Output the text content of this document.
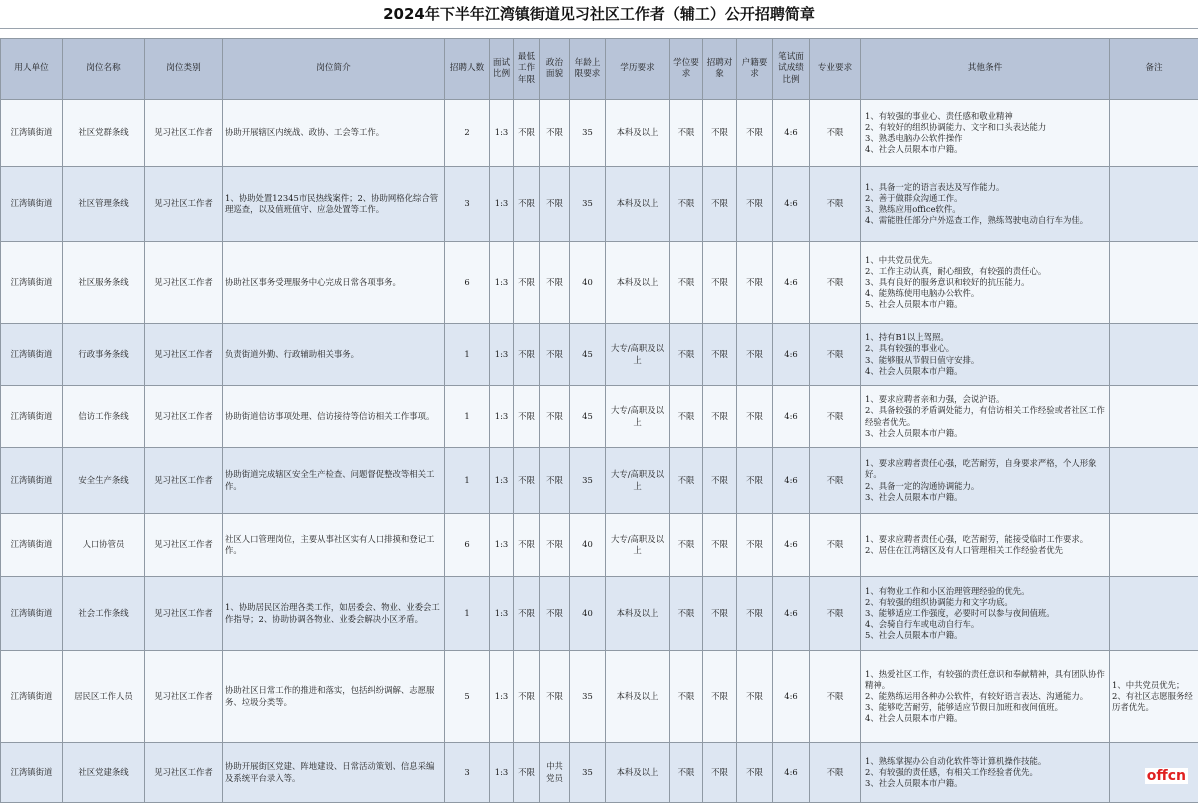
2024年下半年江湾镇街道见习社区工作者（辅工）公开招聘简章
用人单位	岗位名称	岗位类别	岗位简介	招聘人数	面试比例	最低工作年限	政治面貌	年龄上限要求	学历要求	学位要求	招聘对象	户籍要求	笔试面试成绩比例	专业要求	其他条件	备注
江湾镇街道	社区党群条线	见习社区工作者	协助开展辖区内统战、政协、工会等工作。	2	1:3	不限	不限	35	本科及以上	不限	不限	不限	4:6	不限	1、有较强的事业心、责任感和敬业精神
2、有较好的组织协调能力、文字和口头表达能力
3、熟悉电脑办公软件操作
4、社会人员限本市户籍。	

江湾镇街道	社区管理条线	见习社区工作者	1、协助处置12345市民热线案件；2、协助网格化综合管理巡查，以及值班值守、应急处置等工作。	3	1:3	不限	不限	35	本科及以上	不限	不限	不限	4:6	不限	1、具备一定的语言表达及写作能力。
2、善于做群众沟通工作。
3、熟练应用office软件。
4、需能胜任部分户外巡查工作，熟练驾驶电动自行车为佳。	

江湾镇街道	社区服务条线	见习社区工作者	协助社区事务受理服务中心完成日常各项事务。	6	1:3	不限	不限	40	本科及以上	不限	不限	不限	4:6	不限	1、中共党员优先。
2、工作主动认真，耐心细致，有较强的责任心。
3、具有良好的服务意识和较好的抗压能力。
4、能熟练使用电脑办公软件。
5、社会人员限本市户籍。	

江湾镇街道	行政事务条线	见习社区工作者	负责街道外勤、行政辅助相关事务。	1	1:3	不限	不限	45	大专/高职及以上	不限	不限	不限	4:6	不限	1、持有B1以上驾照。
2、具有较强的事业心。
3、能够服从节假日值守安排。
4、社会人员限本市户籍。	

江湾镇街道	信访工作条线	见习社区工作者	协助街道信访事项处理、信访接待等信访相关工作事项。	1	1:3	不限	不限	45	大专/高职及以上	不限	不限	不限	4:6	不限	1、要求应聘者亲和力强，会说沪语。
2、具备较强的矛盾调处能力，有信访相关工作经验或者社区工作经验者优先。
3、社会人员限本市户籍。	

江湾镇街道	安全生产条线	见习社区工作者	协助街道完成辖区安全生产检查、问题督促整改等相关工作。	1	1:3	不限	不限	35	大专/高职及以上	不限	不限	不限	4:6	不限	1、要求应聘者责任心强，吃苦耐劳，自身要求严格，个人形象好。
2、具备一定的沟通协调能力。
3、社会人员限本市户籍。	

江湾镇街道	人口协管员	见习社区工作者	社区人口管理岗位，主要从事社区实有人口排摸和登记工作。	6	1:3	不限	不限	40	大专/高职及以上	不限	不限	不限	4:6	不限	1、要求应聘者责任心强，吃苦耐劳，能接受临时工作要求。
2、居住在江湾辖区及有人口管理相关工作经验者优先	

江湾镇街道	社会工作条线	见习社区工作者	1、协助居民区治理各类工作，如居委会、物业、业委会工作指导；2、协助协调各物业、业委会解决小区矛盾。	1	1:3	不限	不限	40	本科及以上	不限	不限	不限	4:6	不限	1、有物业工作和小区治理管理经验的优先。
2、有较强的组织协调能力和文字功底。
3、能够适应工作强度，必要时可以参与夜间值班。
4、会骑自行车或电动自行车。
5、社会人员限本市户籍。	

江湾镇街道	居民区工作人员	见习社区工作者	协助社区日常工作的推进和落实，包括纠纷调解、志愿服务、垃圾分类等。	5	1:3	不限	不限	35	本科及以上	不限	不限	不限	4:6	不限	1、热爱社区工作，有较强的责任意识和奉献精神，具有团队协作精神。
2、能熟练运用各种办公软件，有较好语言表达、沟通能力。
3、能够吃苦耐劳，能够适应节假日加班和夜间值班。
4、社会人员限本市户籍。	1、中共党员优先；2、有社区志愿服务经历者优先。
江湾镇街道	社区党建条线	见习社区工作者	协助开展街区党建、阵地建设、日常活动策划、信息采编及系统平台录入等。	3	1:3	不限	中共党员	35	本科及以上	不限	不限	不限	4:6	不限	1、熟练掌握办公自动化软件等计算机操作技能。
2、有较强的责任感，有相关工作经验者优先。
3、社会人员限本市户籍。	
		offcn
